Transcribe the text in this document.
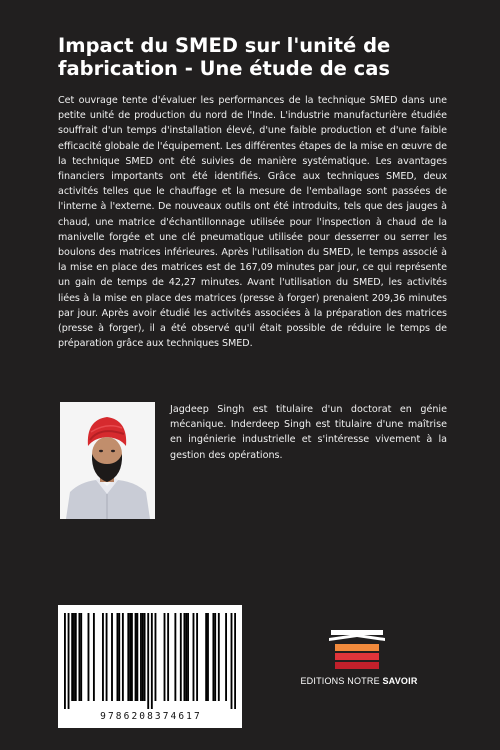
Impact du SMED sur l'unité de
fabrication - Une étude de cas

Cet ouvrage tente d'évaluer les performances de la technique SMED dans une petite unité de production du nord de l'Inde. L'industrie manufacturière étudiée souffrait d'un temps d'installation élevé, d'une faible production et d'une faible efficacité globale de l'équipement. Les différentes étapes de la mise en œuvre de la technique SMED ont été suivies de manière systématique. Les avantages financiers importants ont été identifiés. Grâce aux techniques SMED, deux activités telles que le chauffage et la mesure de l'emballage sont passées de l'interne à l'externe. De nouveaux outils ont été introduits, tels que des jauges à chaud, une matrice d'échantillonnage utilisée pour l'inspection à chaud de la manivelle forgée et une clé pneumatique utilisée pour desserrer ou serrer les boulons des matrices inférieures. Après l'utilisation du SMED, le temps associé à la mise en place des matrices est de 167,09 minutes par jour, ce qui représente un gain de temps de 42,27 minutes. Avant l'utilisation du SMED, les activités liées à la mise en place des matrices (presse à forger) prenaient 209,36 minutes par jour. Après avoir étudié les activités associées à la préparation des matrices (presse à forger), il a été observé qu'il était possible de réduire le temps de préparation grâce aux techniques SMED.

Jagdeep Singh est titulaire d'un doctorat en génie mécanique. Inderdeep Singh est titulaire d'une maîtrise en ingénierie industrielle et s'intéresse vivement à la gestion des opérations.

9786208374617
EDITIONS NOTRE SAVOIR
